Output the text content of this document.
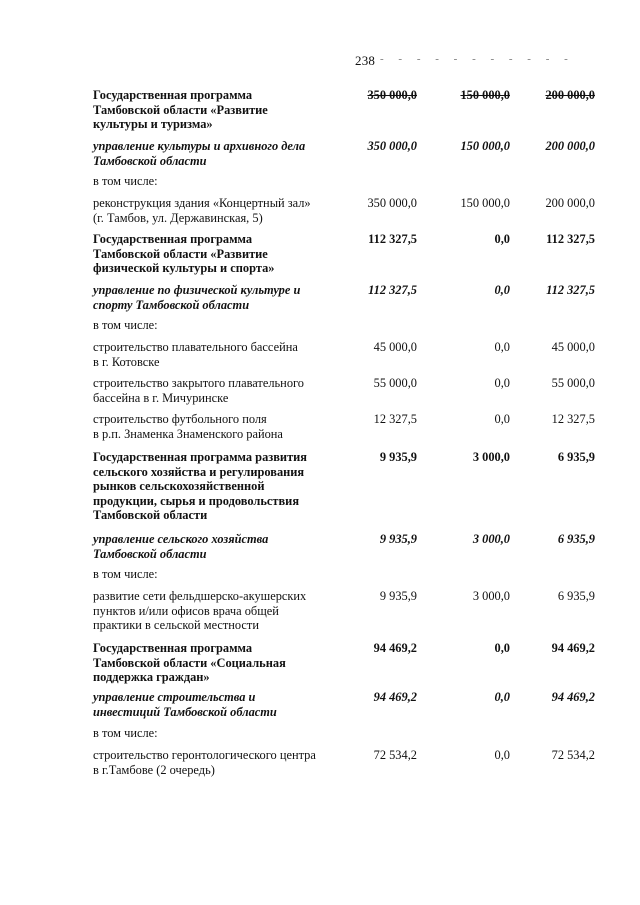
238 - - - - - - - - - - -
Государственная программа
Тамбовской области «Развитие
культуры и туризма»
350 000,0	150 000,0	200 000,0
управление культуры и архивного дела
Тамбовской области
350 000,0	150 000,0	200 000,0
в том числе:
реконструкция здания «Концертный зал»
(г. Тамбов, ул. Державинская, 5)
350 000,0	150 000,0	200 000,0
Государственная программа
Тамбовской области «Развитие
физической культуры и спорта»
112 327,5	0,0	112 327,5
управление по физической культуре и
спорту Тамбовской области
112 327,5	0,0	112 327,5
в том числе:
строительство плавательного бассейна
в г. Котовске
45 000,0	0,0	45 000,0
строительство закрытого плавательного
бассейна в г. Мичуринске
55 000,0	0,0	55 000,0
строительство футбольного поля
в р.п. Знаменка Знаменского района
12 327,5	0,0	12 327,5
Государственная программа развития
сельского хозяйства и регулирования
рынков сельскохозяйственной
продукции, сырья и продовольствия
Тамбовской области
9 935,9	3 000,0	6 935,9
управление сельского хозяйства
Тамбовской области
9 935,9	3 000,0	6 935,9
в том числе:
развитие сети фельдшерско-акушерских
пунктов и/или офисов врача общей
практики в сельской местности
9 935,9	3 000,0	6 935,9
Государственная программа
Тамбовской области «Социальная
поддержка граждан»
94 469,2	0,0	94 469,2
управление строительства и
инвестиций Тамбовской области
94 469,2	0,0	94 469,2
в том числе:
строительство геронтологического центра
в г.Тамбове (2 очередь)
72 534,2	0,0	72 534,2
